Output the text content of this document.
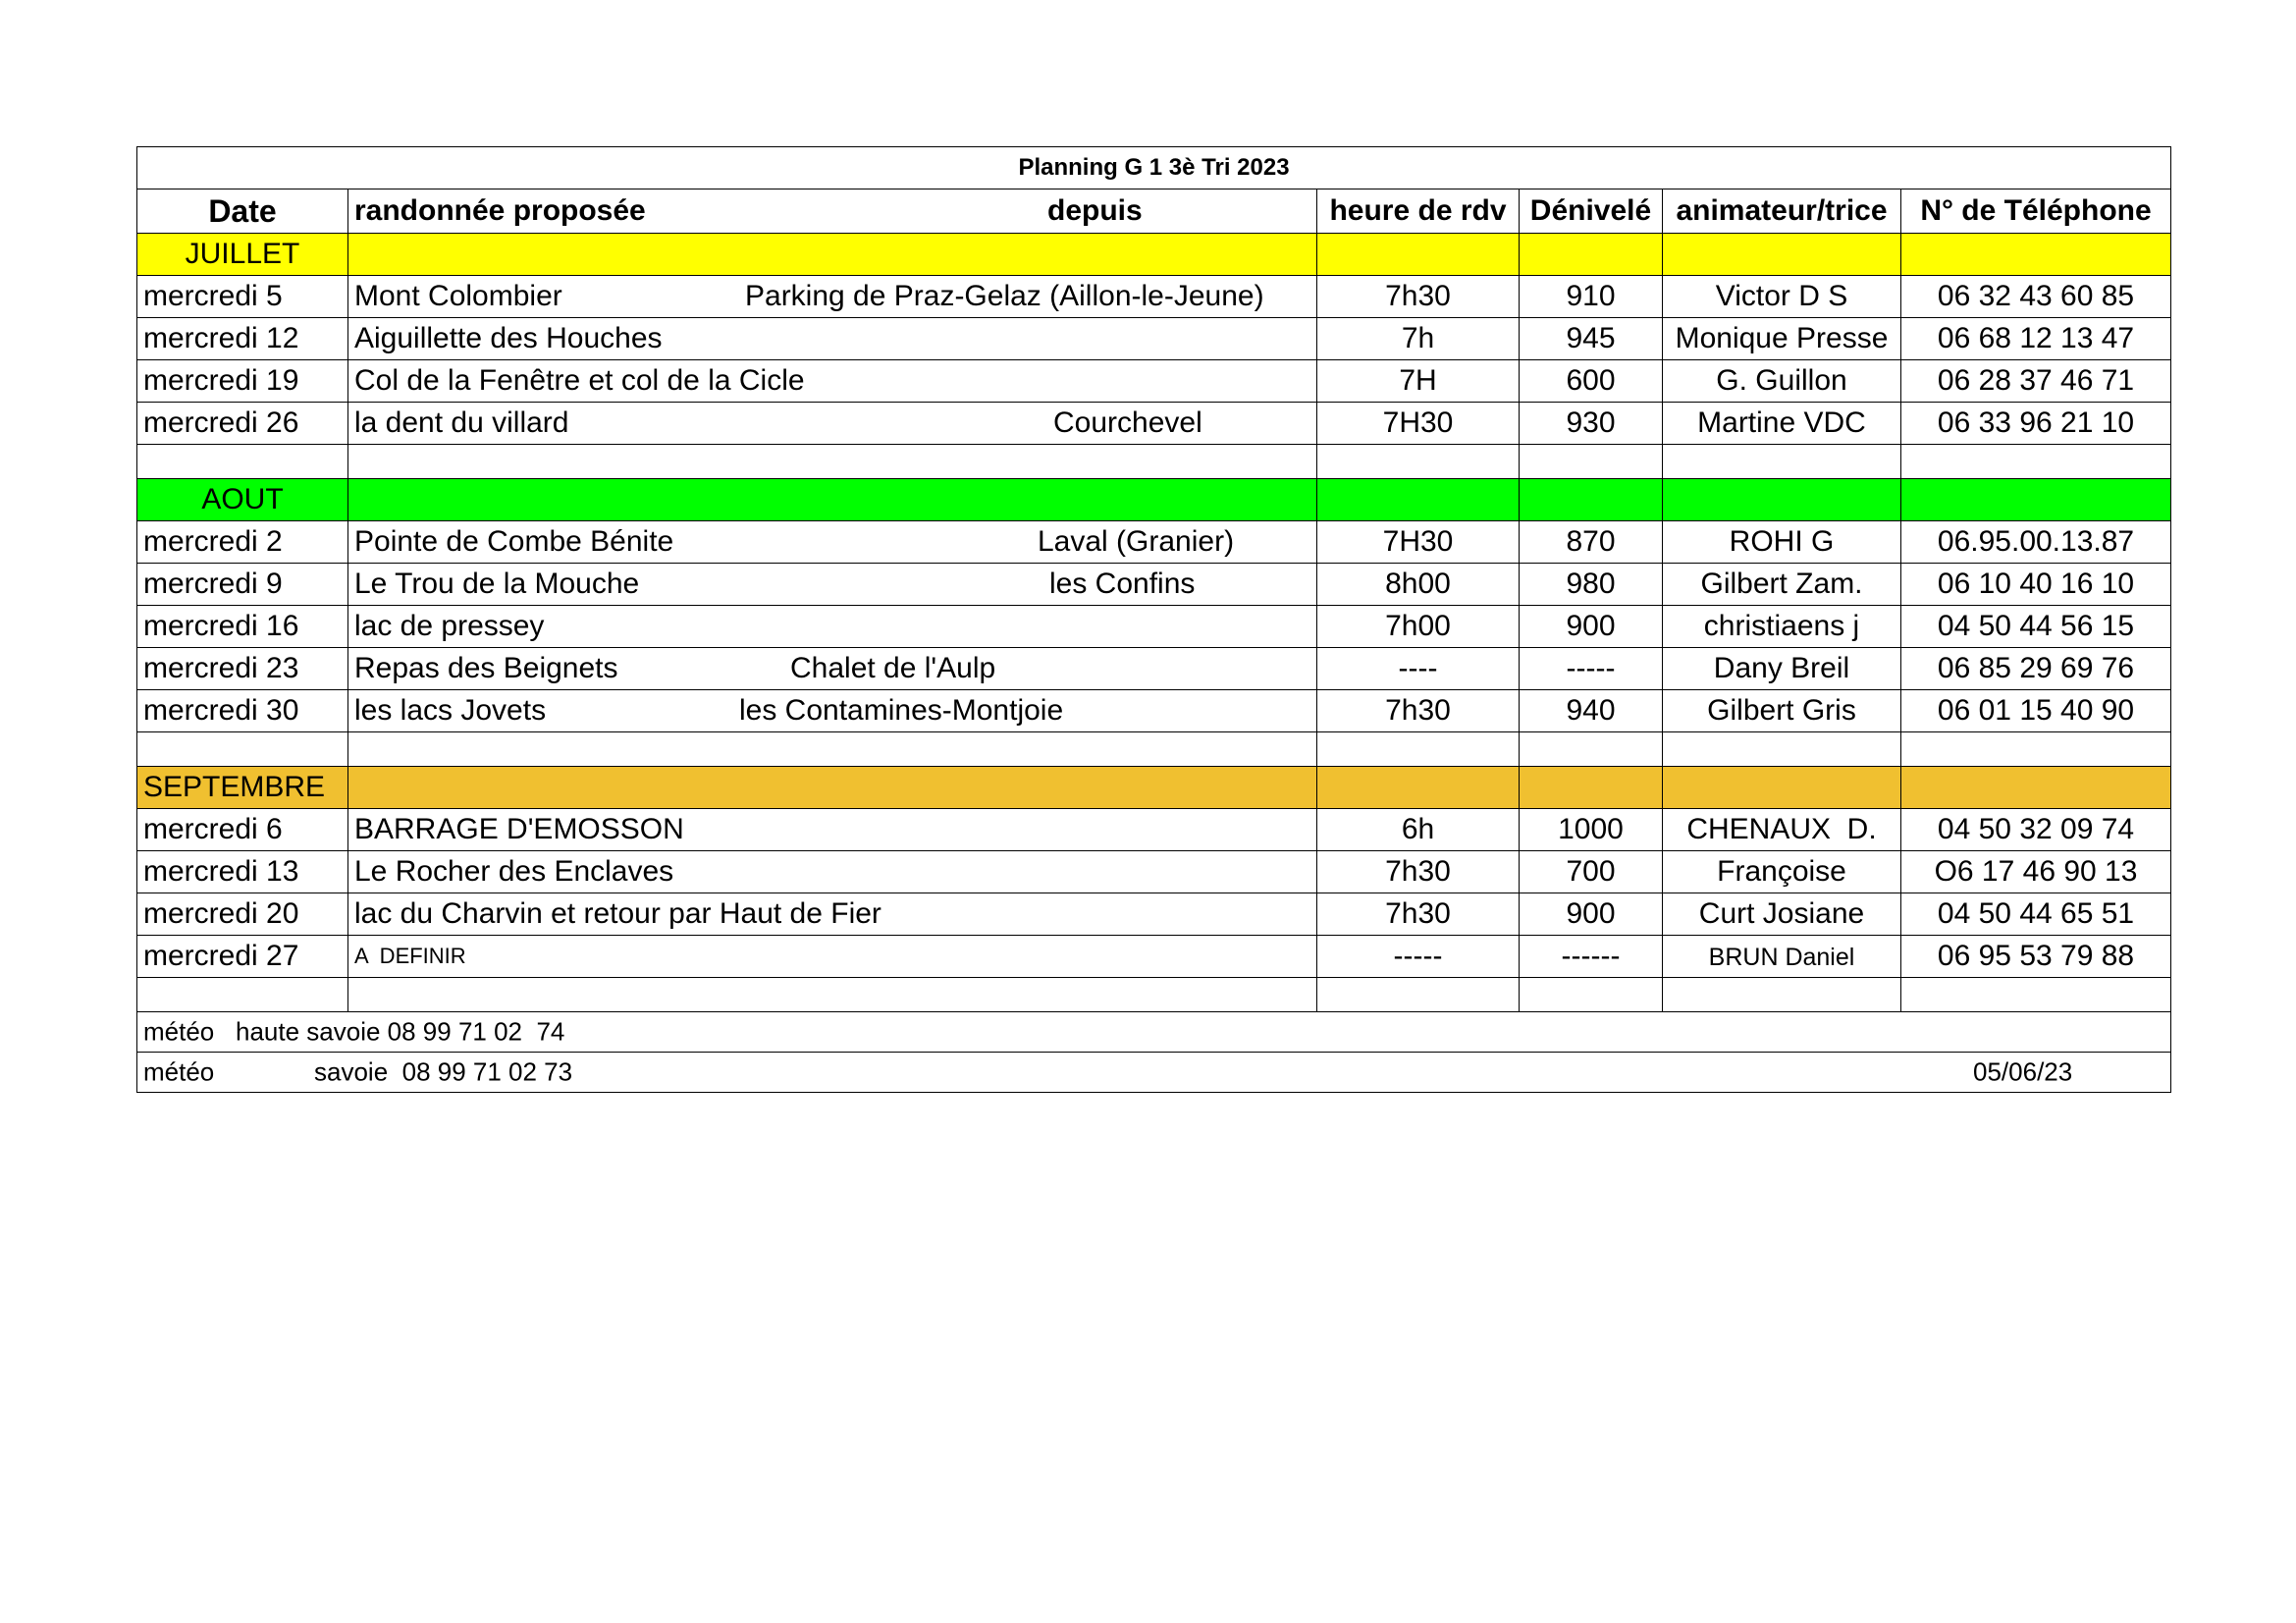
Planning G 1 3è Tri 2023					
Date	randonnée proposée depuis	heure de rdv	Dénivelé	animateur/trice	N° de Téléphone
JUILLET					
mercredi 5	Mont Colombier Parking de Praz-Gelaz (Aillon-le-Jeune)	7h30	910	Victor D S	06 32 43 60 85
mercredi 12	Aiguillette des Houches	7h	945	Monique Presse	06 68 12 13 47
mercredi 19	Col de la Fenêtre et col de la Cicle	7H	600	G. Guillon	06 28 37 46 71
mercredi 26	la dent du villard Courchevel	7H30	930	Martine VDC	06 33 96 21 10

AOUT					
mercredi 2	Pointe de Combe Bénite Laval (Granier)	7H30	870	ROHI G	06.95.00.13.87
mercredi 9	Le Trou de la Mouche les Confins	8h00	980	Gilbert Zam.	06 10 40 16 10
mercredi 16	lac de pressey	7h00	900	christiaens j	04 50 44 56 15
mercredi 23	Repas des Beignets Chalet de l'Aulp	----	-----	Dany Breil	06 85 29 69 76
mercredi 30	les lacs Jovets les Contamines-Montjoie	7h30	940	Gilbert Gris	06 01 15 40 90

SEPTEMBRE					
mercredi 6	BARRAGE D'EMOSSON	6h	1000	CHENAUX  D.	04 50 32 09 74
mercredi 13	Le Rocher des Enclaves	7h30	700	Françoise	O6 17 46 90 13
mercredi 20	lac du Charvin et retour par Haut de Fier	7h30	900	Curt Josiane	04 50 44 65 51
mercredi 27	A  DEFINIR	-----	------	BRUN Daniel	06 95 53 79 88

météo haute savoie 08 99 71 02  74					

météo savoie  08 99 71 02 73 05/06/23					
